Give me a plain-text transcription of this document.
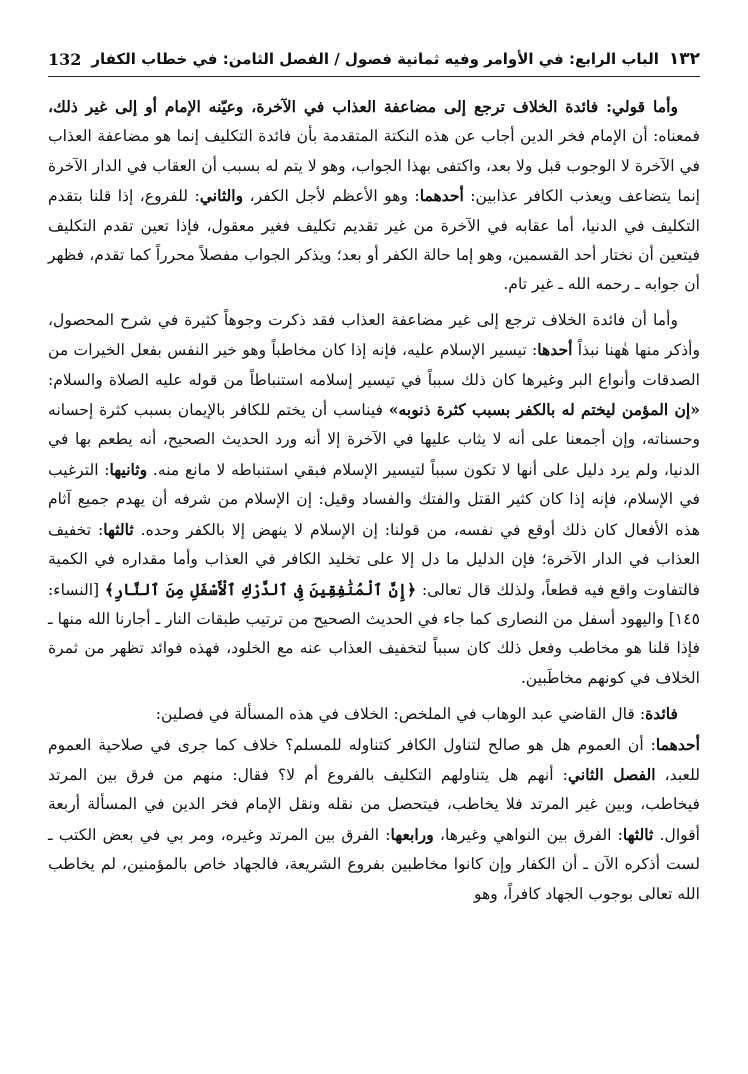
١٣٢
الباب الرابع: في الأوامر وفيه ثمانية فصول / الفصل الثامن: في خطاب الكفار
132

وأما قولي: فائدة الخلاف ترجع إلى مضاعفة العذاب في الآخرة، وعيّنه الإمام أو إلى غير ذلك، فمعناه: أن الإمام فخر الدين أجاب عن هذه النكتة المتقدمة بأن فائدة التكليف إنما هو مضاعفة العذاب في الآخرة لا الوجوب قبل ولا بعد، واكتفى بهذا الجواب، وهو لا يتم له بسبب أن العقاب في الدار الآخرة إنما يتضاعف ويعذب الكافر عذابين: أحدهما: وهو الأعظم لأجل الكفر، والثاني: للفروع، إذا قلنا بتقدم التكليف في الدنيا، أما عقابه في الآخرة من غير تقديم تكليف فغير معقول، فإذا تعين تقدم التكليف فيتعين أن نختار أحد القسمين، وهو إما حالة الكفر أو بعد؛ ويذكر الجواب مفصلاً محرراً كما تقدم، فظهر أن جوابه ـ رحمه الله ـ غير تام.

وأما أن فائدة الخلاف ترجع إلى غير مضاعفة العذاب فقد ذكرت وجوهاً كثيرة في شرح المحصول، وأذكر منها هٰهنا نبذاً أحدها: تيسير الإسلام عليه، فإنه إذا كان مخاطباً وهو خير النفس بفعل الخيرات من الصدقات وأنواع البر وغيرها كان ذلك سبباً في تيسير إسلامه استنباطاً من قوله عليه الصلاة والسلام: «إن المؤمن ليختم له بالكفر بسبب كثرة ذنوبه» فيناسب أن يختم للكافر بالإيمان بسبب كثرة إحسانه وحسناته، وإن أجمعنا على أنه لا يثاب عليها في الآخرة إلا أنه ورد الحديث الصحيح، أنه يطعم بها في الدنيا، ولم يرد دليل على أنها لا تكون سبباً لتيسير الإسلام فبقي استنباطه لا مانع منه. وثانيها: الترغيب في الإسلام، فإنه إذا كان كثير القتل والفتك والفساد وقيل: إن الإسلام من شرفه أن يهدم جميع آثام هذه الأفعال كان ذلك أوقع في نفسه، من قولنا: إن الإسلام لا ينهض إلا بالكفر وحده. ثالثها: تخفيف العذاب في الدار الآخرة؛ فإن الدليل ما دل إلا على تخليد الكافر في العذاب وأما مقداره في الكمية فالتفاوت واقع فيه قطعاً، ولذلك قال تعالى: ﴿إِنَّ ٱلْمُنَٰفِقِينَ فِى ٱلدَّرْكِ ٱلْأَسْفَلِ مِنَ ٱلنَّارِ﴾ [النساء: ١٤٥] واليهود أسفل من النصارى كما جاء في الحديث الصحيح من ترتيب طبقات النار ـ أجارنا الله منها ـ فإذا قلنا هو مخاطب وفعل ذلك كان سبباً لتخفيف العذاب عنه مع الخلود، فهذه فوائد تظهر من ثمرة الخلاف في كونهم مخاطَبين.

فائدة: قال القاضي عبد الوهاب في الملخص: الخلاف في هذه المسألة في فصلين:

أحدهما: أن العموم هل هو صالح لتناول الكافر كتناوله للمسلم؟ خلاف كما جرى في صلاحية العموم للعبد، الفصل الثاني: أنهم هل يتناولهم التكليف بالفروع أم لا؟ فقال: منهم من فرق بين المرتد فيخاطب، وبين غير المرتد فلا يخاطب، فيتحصل من نقله ونقل الإمام فخر الدين في المسألة أربعة أقوال. ثالثها: الفرق بين النواهي وغيرها، ورابعها: الفرق بين المرتد وغيره، ومر بي في بعض الكتب ـ لست أذكره الآن ـ أن الكفار وإن كانوا مخاطبين بفروع الشريعة، فالجهاد خاص بالمؤمنين، لم يخاطب الله تعالى بوجوب الجهاد كافراً، وهو
